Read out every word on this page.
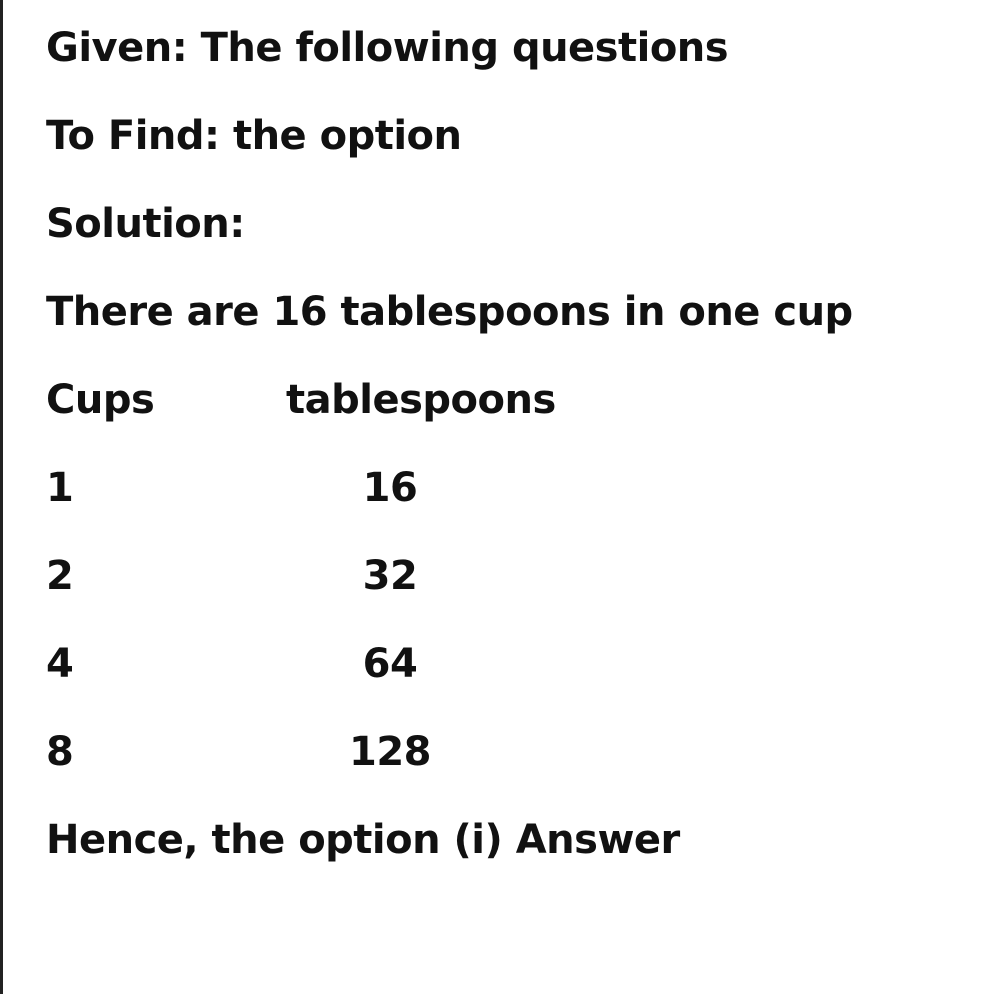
Given: The following questions
To Find: the option
Solution:
There are 16 tablespoons in one cup
Cups	tablespoons
1	16
2	32
4	64
8	128
Hence, the option (i) Answer
